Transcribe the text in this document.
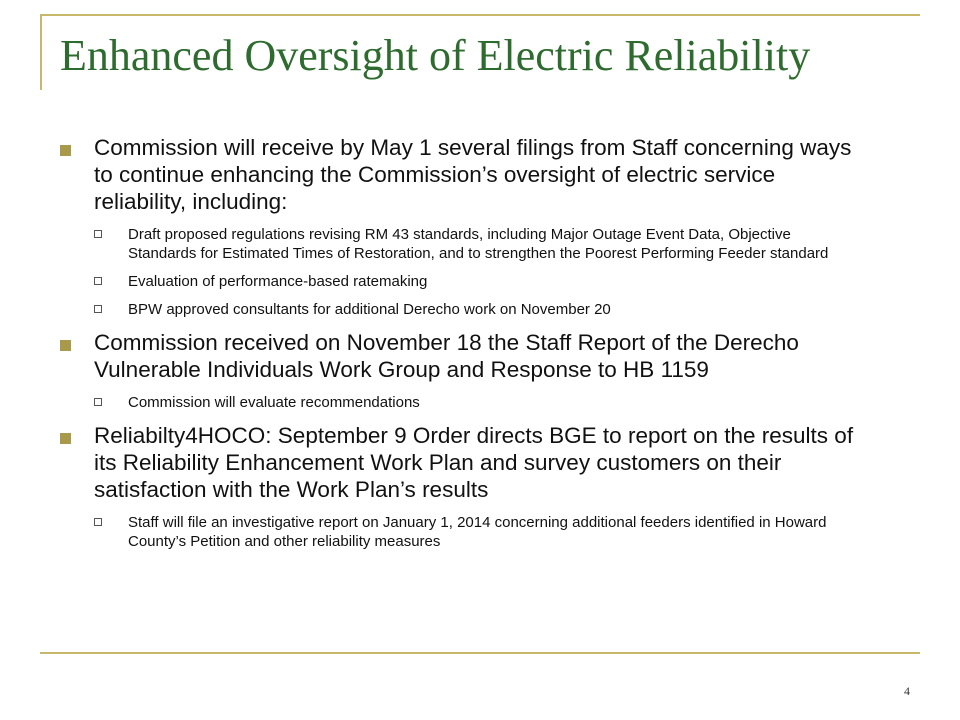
Enhanced Oversight of Electric Reliability
Commission will receive by May 1 several filings from Staff concerning ways to continue enhancing the Commission’s oversight of electric service reliability, including:
Draft proposed regulations revising RM 43 standards, including Major Outage Event Data, Objective Standards for Estimated Times of Restoration, and to strengthen the Poorest Performing Feeder standard
Evaluation of performance-based ratemaking
BPW approved consultants for additional Derecho work on November 20
Commission received on November 18 the Staff Report of the Derecho Vulnerable Individuals Work Group and Response to HB 1159
Commission will evaluate recommendations
Reliabilty4HOCO: September 9 Order directs BGE to report on the results of its Reliability Enhancement Work Plan and survey customers on their satisfaction with the Work Plan’s results
Staff will file an investigative report on January 1, 2014 concerning additional feeders identified in Howard County’s Petition and other reliability measures
4
